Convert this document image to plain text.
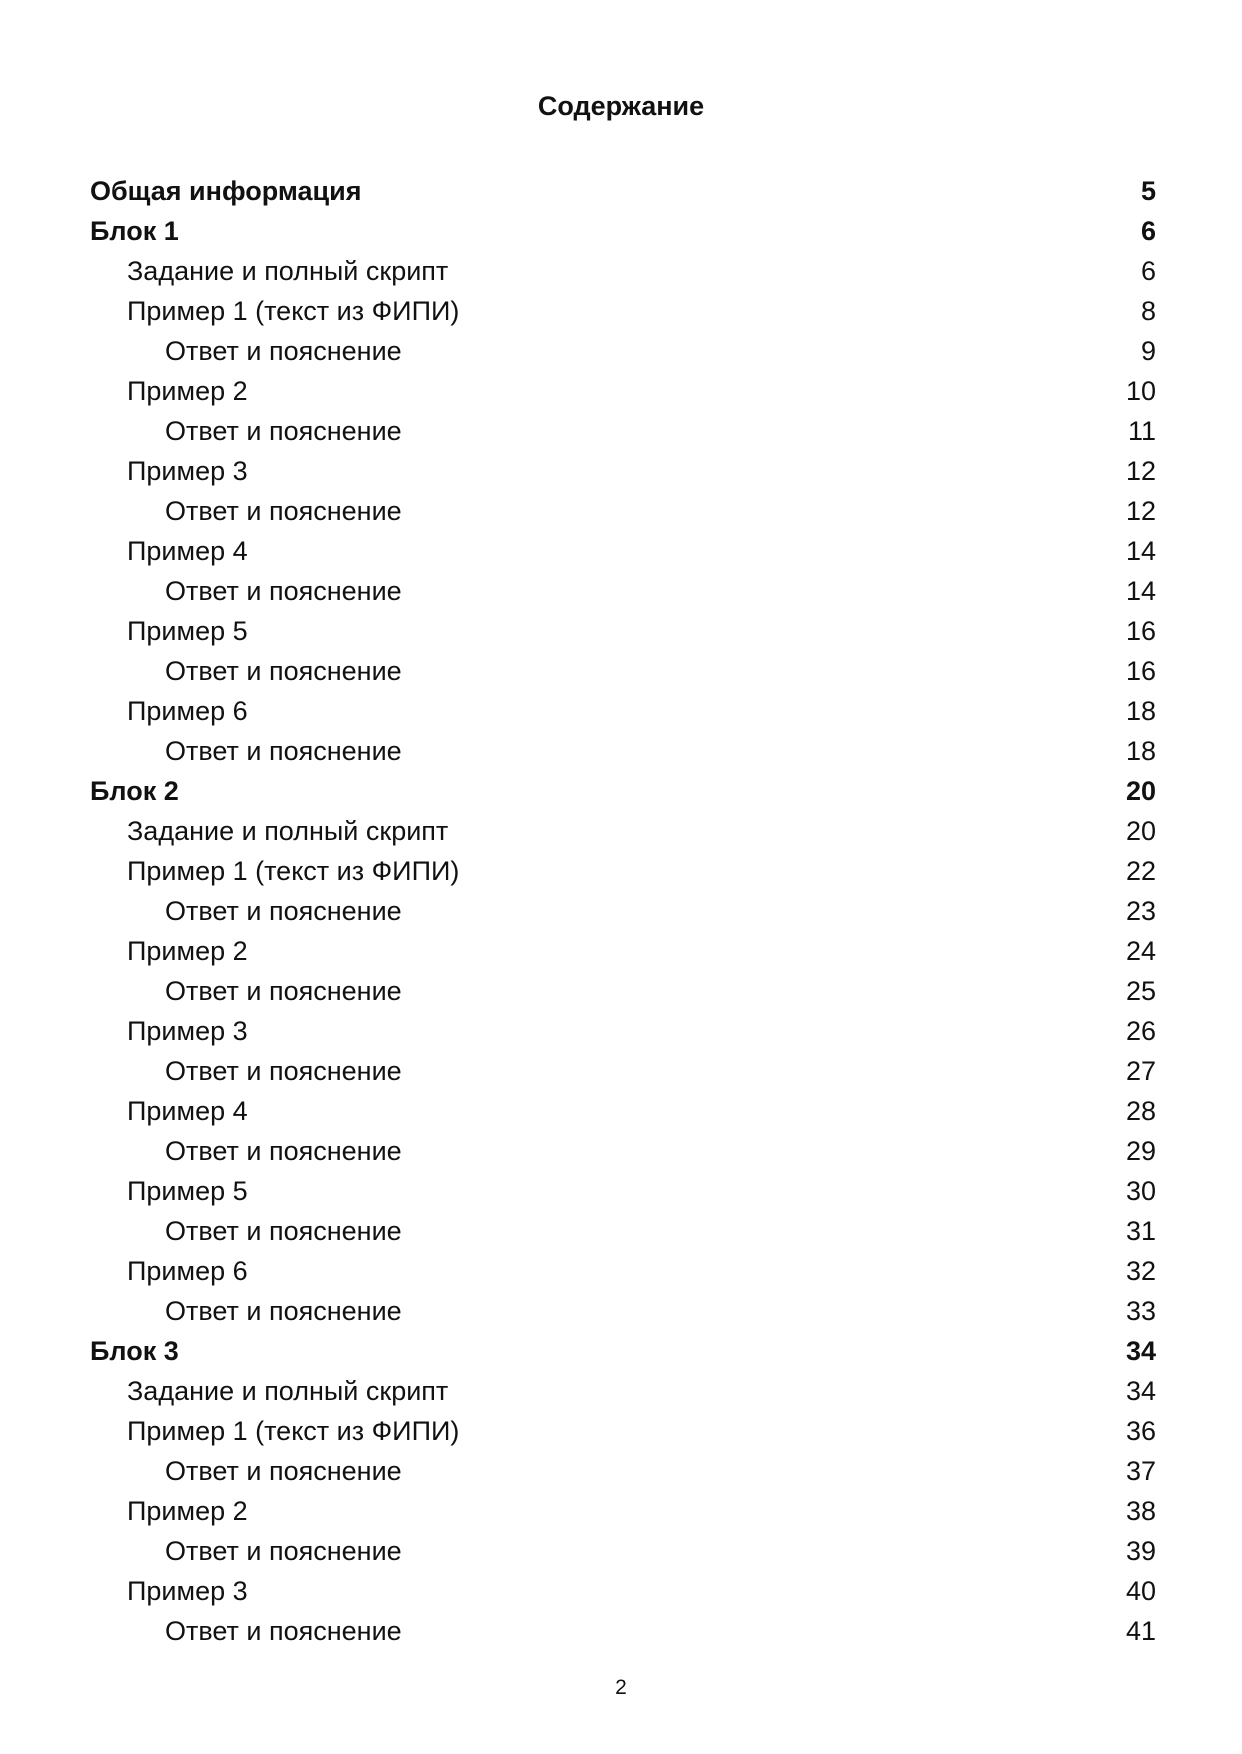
Содержание
Общая информация	5
Блок 1	6
Задание и полный скрипт	6
Пример 1 (текст из ФИПИ)	8
Ответ и пояснение	9
Пример 2	10
Ответ и пояснение	11
Пример 3	12
Ответ и пояснение	12
Пример 4	14
Ответ и пояснение	14
Пример 5	16
Ответ и пояснение	16
Пример 6	18
Ответ и пояснение	18
Блок 2	20
Задание и полный скрипт	20
Пример 1 (текст из ФИПИ)	22
Ответ и пояснение	23
Пример 2	24
Ответ и пояснение	25
Пример 3	26
Ответ и пояснение	27
Пример 4	28
Ответ и пояснение	29
Пример 5	30
Ответ и пояснение	31
Пример 6	32
Ответ и пояснение	33
Блок 3	34
Задание и полный скрипт	34
Пример 1 (текст из ФИПИ)	36
Ответ и пояснение	37
Пример 2	38
Ответ и пояснение	39
Пример 3	40
Ответ и пояснение	41
2
